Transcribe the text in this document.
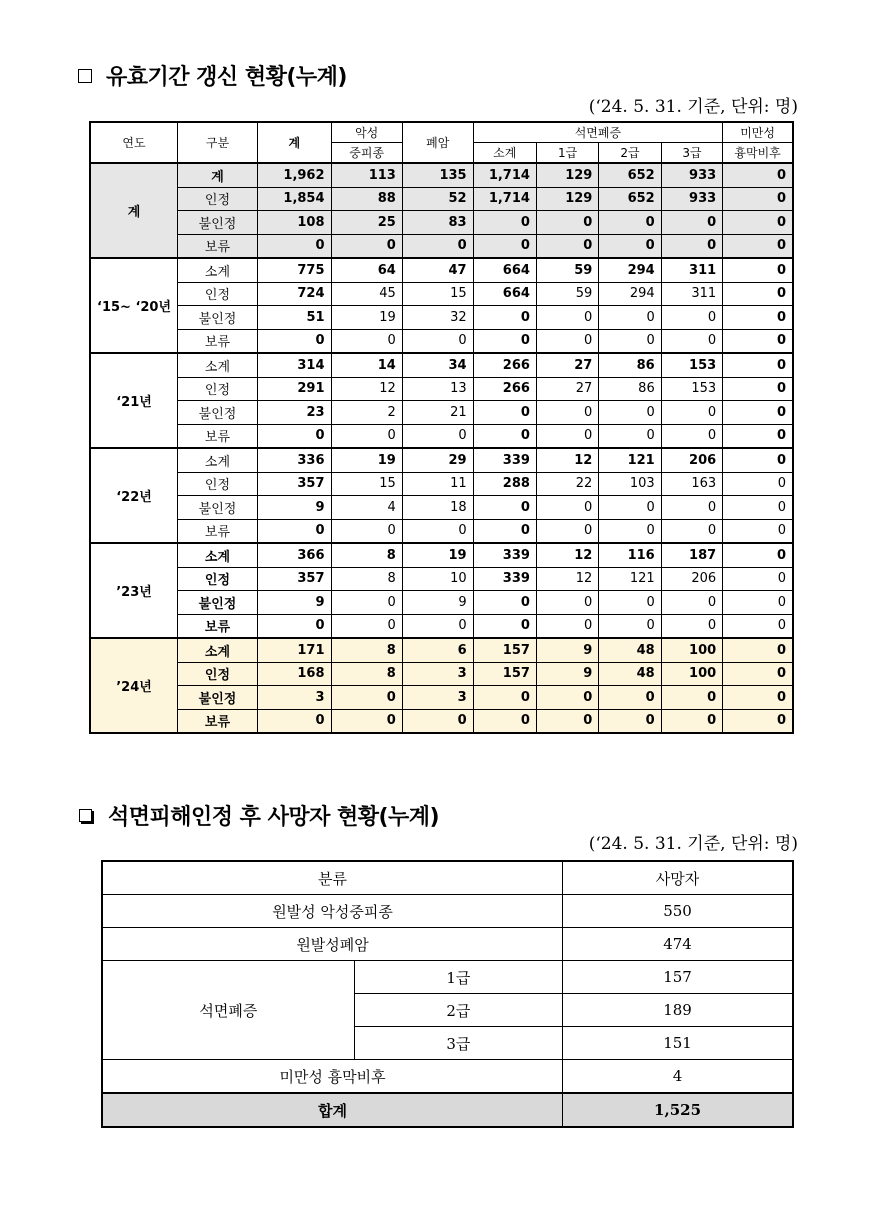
유효기간 갱신 현황(누계)
(‘24. 5. 31. 기준, 단위: 명)
연도	구분	계	악성	폐암	석면폐증				미만성
			중피종		소계	1급	2급	3급	흉막비후
계	계	1,962	113	135	1,714	129	652	933	0
	인정	1,854	88	52	1,714	129	652	933	0
	불인정	108	25	83	0	0	0	0	0
	보류	0	0	0	0	0	0	0	0
‘15~ ‘20년	소계	775	64	47	664	59	294	311	0
	인정	724	45	15	664	59	294	311	0
	불인정	51	19	32	0	0	0	0	0
	보류	0	0	0	0	0	0	0	0
‘21년	소계	314	14	34	266	27	86	153	0
	인정	291	12	13	266	27	86	153	0
	불인정	23	2	21	0	0	0	0	0
	보류	0	0	0	0	0	0	0	0
‘22년	소계	336	19	29	339	12	121	206	0
	인정	357	15	11	288	22	103	163	0
	불인정	9	4	18	0	0	0	0	0
	보류	0	0	0	0	0	0	0	0
’23년	소계	366	8	19	339	12	116	187	0
	인정	357	8	10	339	12	121	206	0
	불인정	9	0	9	0	0	0	0	0
	보류	0	0	0	0	0	0	0	0
’24년	소계	171	8	6	157	9	48	100	0
	인정	168	8	3	157	9	48	100	0
	불인정	3	0	3	0	0	0	0	0
	보류	0	0	0	0	0	0	0	0
석면피해인정 후 사망자 현황(누계)
(‘24. 5. 31. 기준, 단위: 명)
분류		사망자
원발성 악성중피종		550
원발성폐암		474
석면폐증	1급	157
	2급	189
	3급	151
미만성 흉막비후		4
합계		1,525
